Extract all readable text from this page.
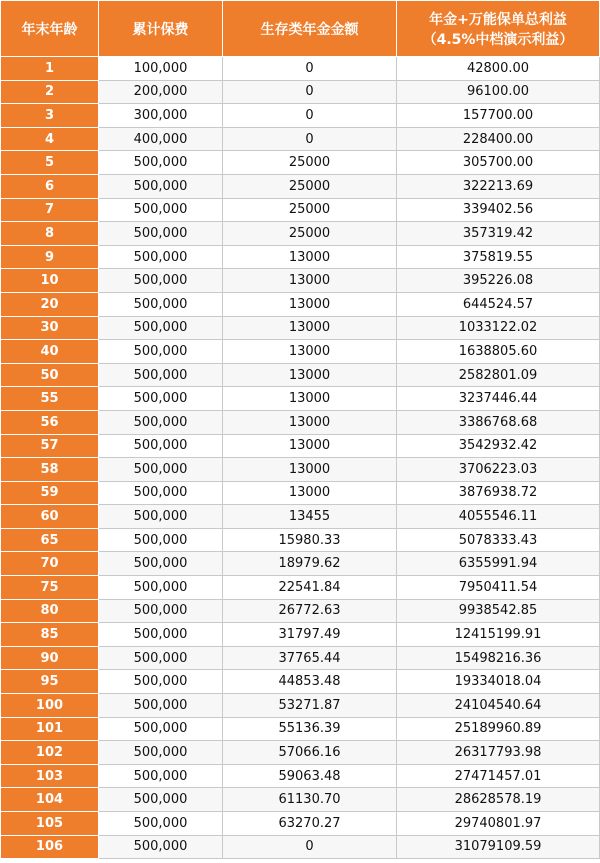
年末年龄	累计保费	生存类年金金额	年金+万能保单总利益
（4.5%中档演示利益）

1	100,000	0	42800.00
2	200,000	0	96100.00
3	300,000	0	157700.00
4	400,000	0	228400.00
5	500,000	25000	305700.00
6	500,000	25000	322213.69
7	500,000	25000	339402.56
8	500,000	25000	357319.42
9	500,000	13000	375819.55
10	500,000	13000	395226.08
20	500,000	13000	644524.57
30	500,000	13000	1033122.02
40	500,000	13000	1638805.60
50	500,000	13000	2582801.09
55	500,000	13000	3237446.44
56	500,000	13000	3386768.68
57	500,000	13000	3542932.42
58	500,000	13000	3706223.03
59	500,000	13000	3876938.72
60	500,000	13455	4055546.11
65	500,000	15980.33	5078333.43
70	500,000	18979.62	6355991.94
75	500,000	22541.84	7950411.54
80	500,000	26772.63	9938542.85
85	500,000	31797.49	12415199.91
90	500,000	37765.44	15498216.36
95	500,000	44853.48	19334018.04
100	500,000	53271.87	24104540.64
101	500,000	55136.39	25189960.89
102	500,000	57066.16	26317793.98
103	500,000	59063.48	27471457.01
104	500,000	61130.70	28628578.19
105	500,000	63270.27	29740801.97
106	500,000	0	31079109.59
